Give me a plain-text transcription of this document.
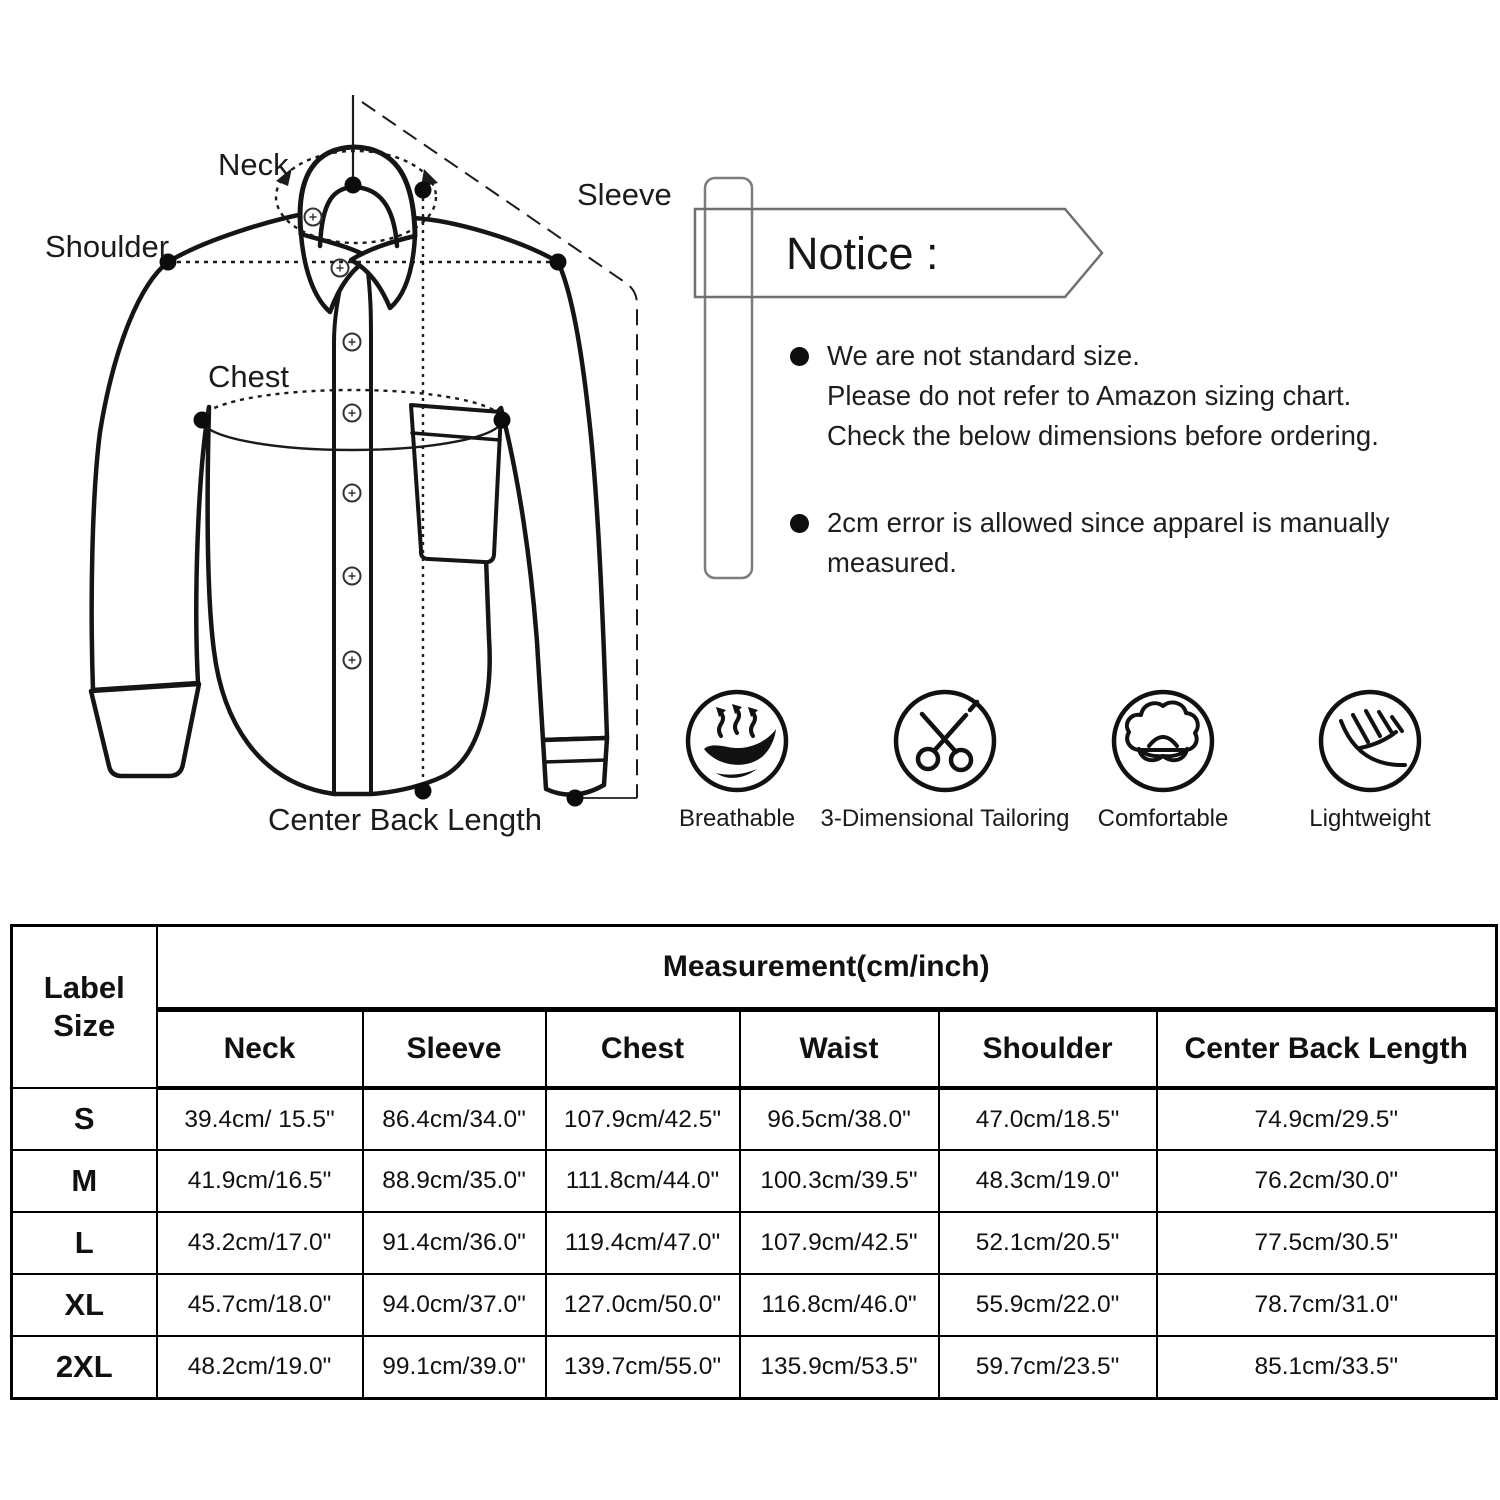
Neck
Shoulder
Sleeve
Chest
Center Back Length
Notice :
We are not standard size.
Please do not refer to Amazon sizing chart.
Check the below dimensions before ordering.
2cm error is allowed since apparel is manually
measured.
Breathable	3-Dimensional Tailoring	Comfortable	Lightweight
Label
Size	Measurement(cm/inch)					
	Neck	Sleeve	Chest	Waist	Shoulder	Center Back Length
S	39.4cm/ 15.5"	86.4cm/34.0"	107.9cm/42.5"	96.5cm/38.0"	47.0cm/18.5"	74.9cm/29.5"
M	41.9cm/16.5"	88.9cm/35.0"	111.8cm/44.0"	100.3cm/39.5"	48.3cm/19.0"	76.2cm/30.0"
L	43.2cm/17.0"	91.4cm/36.0"	119.4cm/47.0"	107.9cm/42.5"	52.1cm/20.5"	77.5cm/30.5"
XL	45.7cm/18.0"	94.0cm/37.0"	127.0cm/50.0"	116.8cm/46.0"	55.9cm/22.0"	78.7cm/31.0"
2XL	48.2cm/19.0"	99.1cm/39.0"	139.7cm/55.0"	135.9cm/53.5"	59.7cm/23.5"	85.1cm/33.5"
